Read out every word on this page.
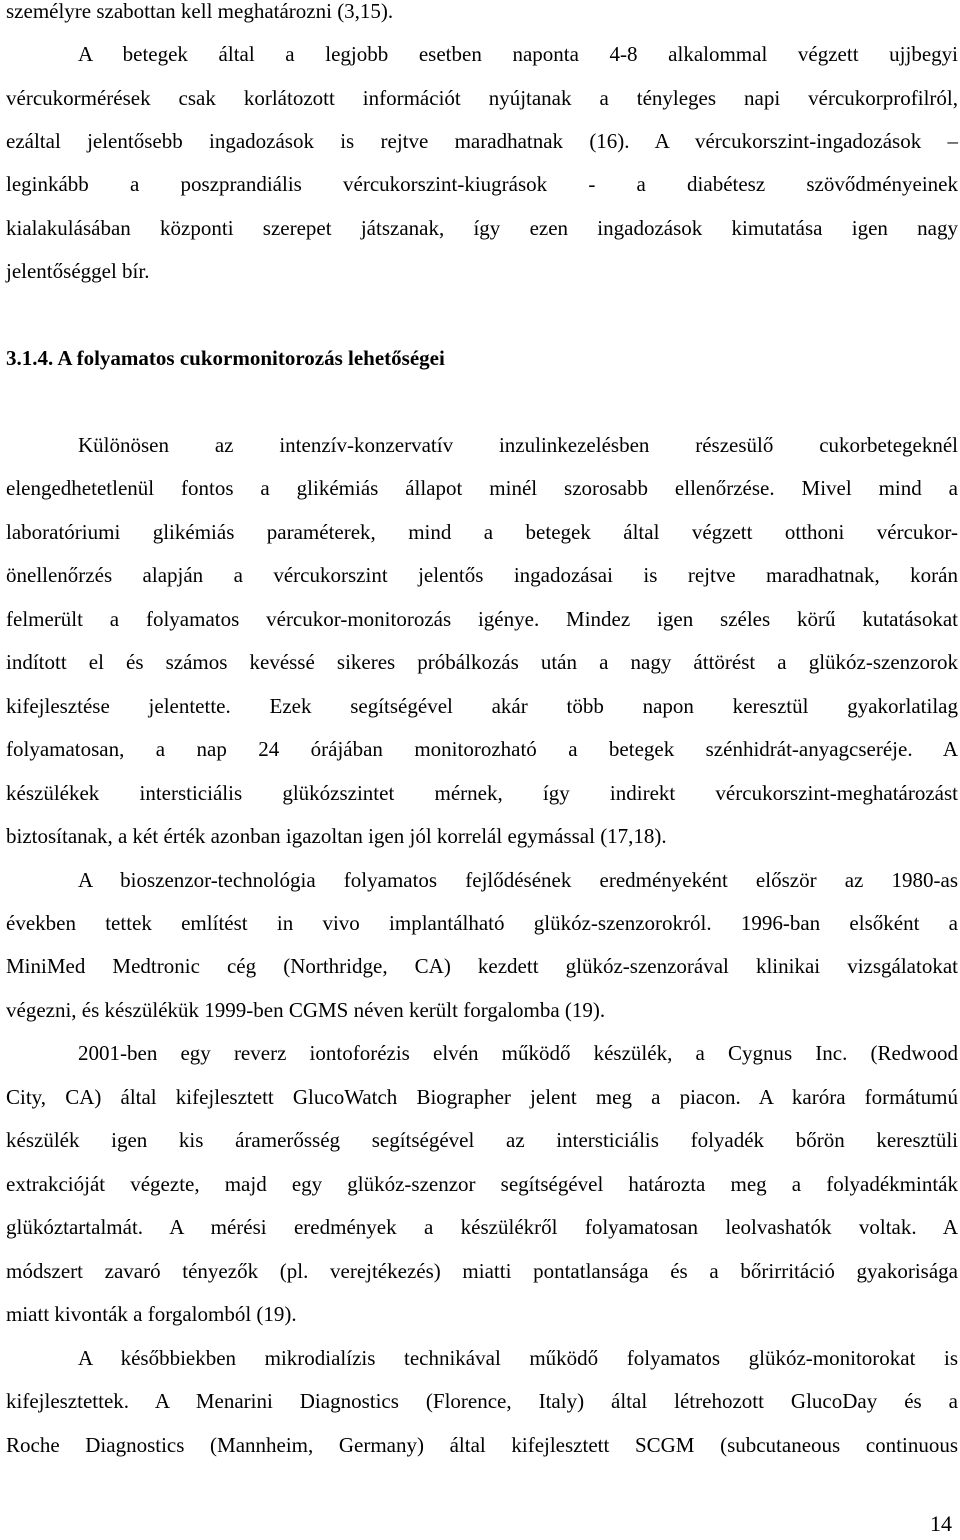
személyre szabottan kell meghatározni (3,15).
A betegek által a legjobb esetben naponta 4-8 alkalommal végzett ujjbegyi
vércukormérések csak korlátozott információt nyújtanak a tényleges napi vércukorprofilról,
ezáltal jelentősebb ingadozások is rejtve maradhatnak (16). A vércukorszint-ingadozások –
leginkább a poszprandiális vércukorszint-kiugrások - a diabétesz szövődményeinek
kialakulásában központi szerepet játszanak, így ezen ingadozások kimutatása igen nagy
jelentőséggel bír.
3.1.4. A folyamatos cukormonitorozás lehetőségei
Különösen az intenzív-konzervatív inzulinkezelésben részesülő cukorbetegeknél
elengedhetetlenül fontos a glikémiás állapot minél szorosabb ellenőrzése. Mivel mind a
laboratóriumi glikémiás paraméterek, mind a betegek által végzett otthoni vércukor-
önellenőrzés alapján a vércukorszint jelentős ingadozásai is rejtve maradhatnak, korán
felmerült a folyamatos vércukor-monitorozás igénye. Mindez igen széles körű kutatásokat
indított el és számos kevéssé sikeres próbálkozás után a nagy áttörést a glükóz-szenzorok
kifejlesztése jelentette. Ezek segítségével akár több napon keresztül gyakorlatilag
folyamatosan, a nap 24 órájában monitorozható a betegek szénhidrát-anyagcseréje. A
készülékek intersticiális glükózszintet mérnek, így indirekt vércukorszint-meghatározást
biztosítanak, a két érték azonban igazoltan igen jól korrelál egymással (17,18).
A bioszenzor-technológia folyamatos fejlődésének eredményeként először az 1980-as
években tettek említést in vivo implantálható glükóz-szenzorokról. 1996-ban elsőként a
MiniMed Medtronic cég (Northridge, CA) kezdett glükóz-szenzorával klinikai vizsgálatokat
végezni, és készülékük 1999-ben CGMS néven került forgalomba (19).
2001-ben egy reverz iontoforézis elvén működő készülék, a Cygnus Inc. (Redwood
City, CA) által kifejlesztett GlucoWatch Biographer jelent meg a piacon. A karóra formátumú
készülék igen kis áramerősség segítségével az intersticiális folyadék bőrön keresztüli
extrakcióját végezte, majd egy glükóz-szenzor segítségével határozta meg a folyadékminták
glükóztartalmát. A mérési eredmények a készülékről folyamatosan leolvashatók voltak. A
módszert zavaró tényezők (pl. verejtékezés) miatti pontatlansága és a bőrirritáció gyakorisága
miatt kivonták a forgalomból (19).
A későbbiekben mikrodialízis technikával működő folyamatos glükóz-monitorokat is
kifejlesztettek. A Menarini Diagnostics (Florence, Italy) által létrehozott GlucoDay és a
Roche Diagnostics (Mannheim, Germany) által kifejlesztett SCGM (subcutaneous continuous
14
